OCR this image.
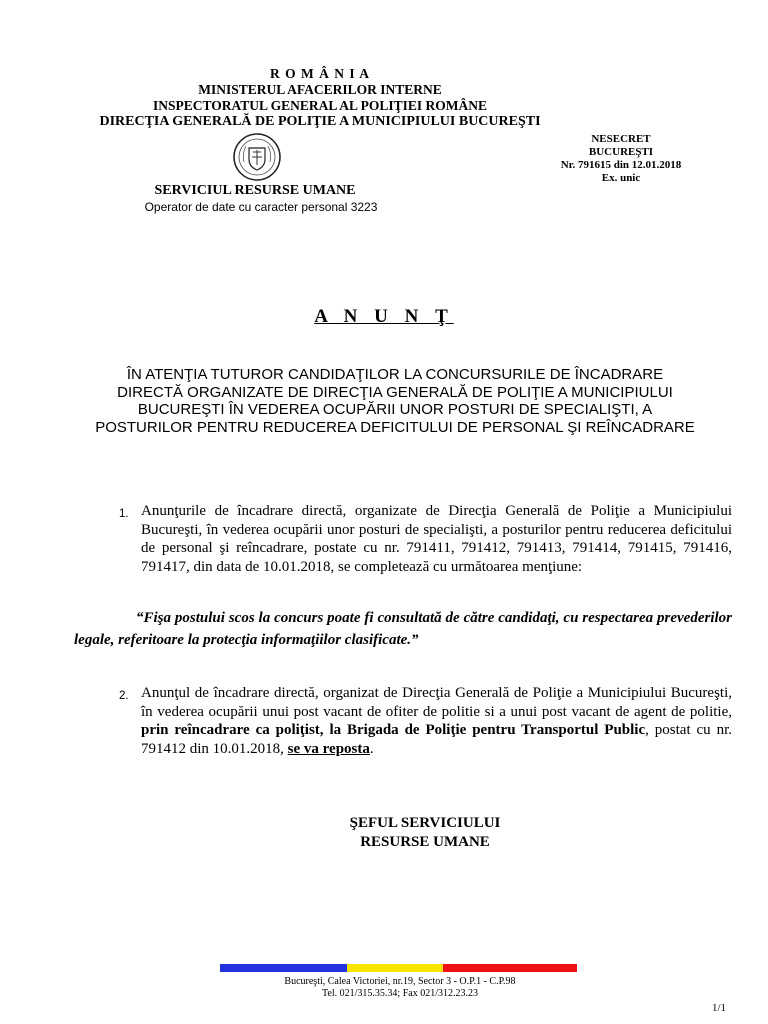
R O M Â N I A
MINISTERUL AFACERILOR INTERNE
INSPECTORATUL GENERAL AL POLIŢIEI ROMÂNE
DIRECŢIA GENERALĂ DE POLIŢIE A MUNICIPIULUI BUCUREŞTI
SERVICIUL RESURSE UMANE
Operator de date cu caracter personal 3223
NESECRET
BUCUREŞTI
Nr. 791615 din 12.01.2018
Ex. unic
A N U N Ţ
ÎN ATENŢIA TUTUROR CANDIDAŢILOR LA CONCURSURILE DE ÎNCADRARE
DIRECTĂ ORGANIZATE DE DIRECŢIA GENERALĂ DE POLIŢIE A MUNICIPIULUI
BUCUREŞTI ÎN VEDEREA OCUPĂRII UNOR POSTURI DE SPECIALIŞTI, A
POSTURILOR PENTRU REDUCEREA DEFICITULUI DE PERSONAL ŞI REÎNCADRARE
1. Anunţurile de încadrare directă, organizate de Direcţia Generală de Poliţie a Municipiului Bucureşti, în vederea ocupării unor posturi de specialişti, a posturilor pentru reducerea deficitului de personal şi reîncadrare, postate cu nr. 791411, 791412, 791413, 791414, 791415, 791416, 791417, din data de 10.01.2018, se completează cu următoarea menţiune:
“Fişa postului scos la concurs poate fi consultată de către candidaţi, cu respectarea prevederilor legale, referitoare la protecţia informaţiilor clasificate.”
2. Anunţul de încadrare directă, organizat de Direcţia Generală de Poliţie a Municipiului Bucureşti, în vederea ocupării unui post vacant de ofiter de politie si a unui post vacant de agent de politie, prin reîncadrare ca poliţist, la Brigada de Poliţie pentru Transportul Public, postat cu nr. 791412 din 10.01.2018, se va reposta.
ŞEFUL SERVICIULUI
RESURSE UMANE
Bucureşti, Calea Victoriei, nr.19, Sector 3 - O.P.1 - C.P.98
Tel. 021/315.35.34; Fax 021/312.23.23
1/1
